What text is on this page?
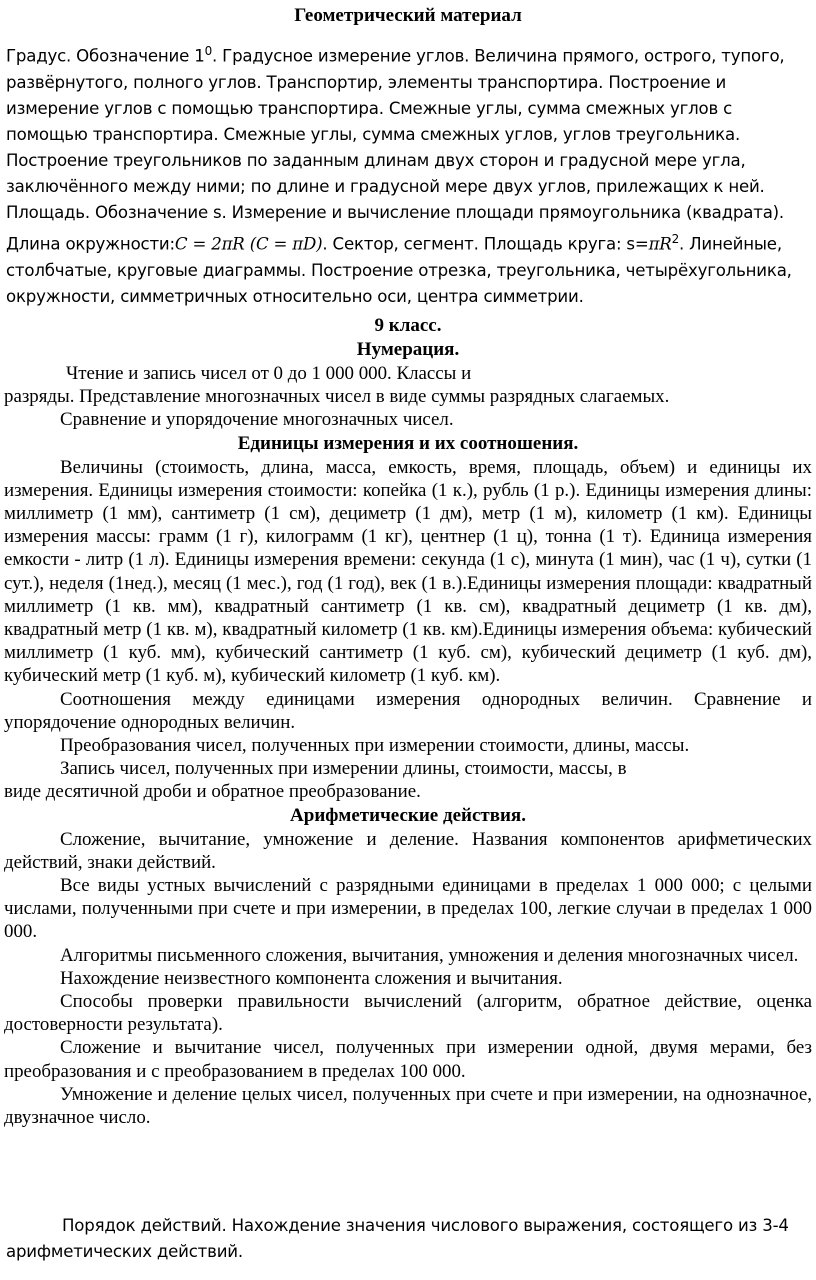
Геометрический материал

Градус. Обозначение $1^0$. Градусное измерение углов. Величина прямого, острого, тупого, развёрнутого, полного углов. Транспортир, элементы транспортира. Построение и измерение углов с помощью транспортира. Смежные углы, сумма смежных углов с помощью транспортира. Смежные углы, сумма смежных углов, углов треугольника. Построение треугольников по заданным длинам двух сторон и градусной мере угла, заключённого между ними; по длине и градусной мере двух углов, прилежащих к ней. Площадь. Обозначение s. Измерение и вычисление площади прямоугольника (квадрата). Длина окружности:C = 2πR (C = πD). Сектор, сегмент. Площадь круга: $s=\pi R^2$. Линейные, столбчатые, круговые диаграммы. Построение отрезка, треугольника, четырёхугольника, окружности, симметричных относительно оси, центра симметрии.

9 класс.
Нумерация.

Чтение и запись чисел от 0 до 1 000 000. Классы и

разряды. Представление многозначных чисел в виде суммы разрядных слагаемых.

Сравнение и упорядочение многозначных чисел.

Единицы измерения и их соотношения.

Величины (стоимость, длина, масса, емкость, время, площадь, объем) и единицы их измерения. Единицы измерения стоимости: копейка (1 к.), рубль (1 р.). Единицы измерения длины: миллиметр (1 мм), сантиметр (1 см), дециметр (1 дм), метр (1 м), километр (1 км). Единицы измерения массы: грамм (1 г), килограмм (1 кг), центнер (1 ц), тонна (1 т). Единица измерения емкости - литр (1 л). Единицы измерения времени: секунда (1 с), минута (1 мин), час (1 ч), сутки (1 сут.), неделя (1нед.), месяц (1 мес.), год (1 год), век (1 в.).Единицы измерения площади: квадратный миллиметр (1 кв. мм), квадратный сантиметр (1 кв. см), квадратный дециметр (1 кв. дм), квадратный метр (1 кв. м), квадратный километр (1 кв. км).Единицы измерения объема: кубический миллиметр (1 куб. мм), кубический сантиметр (1 куб. см), кубический дециметр (1 куб. дм), кубический метр (1 куб. м), кубический километр (1 куб. км).

Соотношения между единицами измерения однородных величин. Сравнение и упорядочение однородных величин.

Преобразования чисел, полученных при измерении стоимости, длины, массы.

Запись чисел, полученных при измерении длины, стоимости, массы, в

виде десятичной дроби и обратное преобразование.

Арифметические действия.

Сложение, вычитание, умножение и деление. Названия компонентов арифметических действий, знаки действий.

Все виды устных вычислений с разрядными единицами в пределах 1 000 000; с целыми числами, полученными при счете и при измерении, в пределах 100, легкие случаи в пределах 1 000 000.

Алгоритмы письменного сложения, вычитания, умножения и деления многозначных чисел.

Нахождение неизвестного компонента сложения и вычитания.

Способы проверки правильности вычислений (алгоритм, обратное действие, оценка достоверности результата).

Сложение и вычитание чисел, полученных при измерении одной, двумя мерами, без преобразования и с преобразованием в пределах 100 000.

Умножение и деление целых чисел, полученных при счете и при измерении, на однозначное, двузначное число.

Порядок действий. Нахождение значения числового выражения, состоящего из 3-4 арифметических действий.
